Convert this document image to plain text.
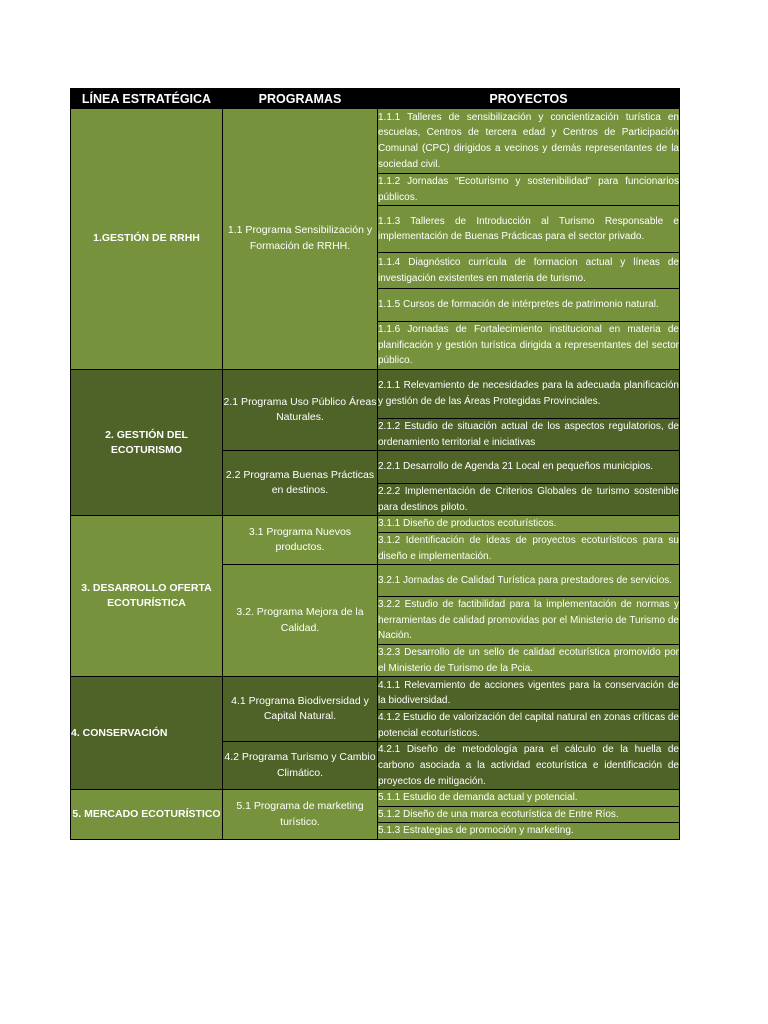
LÍNEA ESTRATÉGICA	PROGRAMAS	PROYECTOS
1.GESTIÓN DE RRHH	1.1 Programa Sensibilización y Formación de RRHH.	1.1.1 Talleres de sensibilización y concientización turística en escuelas, Centros de tercera edad y Centros de Participación Comunal (CPC) dirigidos a vecinos y demás representantes de la sociedad civil.
		1.1.2 Jornadas “Ecoturismo y sostenibilidad” para funcionarios públicos.
		1.1.3 Talleres de Introducción al Turismo Responsable e implementación de Buenas Prácticas para el sector privado.
		1.1.4 Diagnóstico currícula de formacion actual y líneas de investigación existentes en materia de turismo.
		1.1.5 Cursos de formación de intérpretes de patrimonio natural.
		1.1.6 Jornadas de Fortalecimiento institucional en materia de planificación y gestión turística dirigida a representantes del sector público.
2. GESTIÓN DEL ECOTURISMO	2.1 Programa Uso Público Áreas Naturales.	2.1.1 Relevamiento de necesidades para la adecuada planificación y gestión de de las Áreas Protegidas Provinciales.
		2.1.2 Estudio de situación actual de los aspectos regulatorios, de ordenamiento territorial e iniciativas
	2.2 Programa Buenas Prácticas en destinos.	2.2.1 Desarrollo de Agenda 21 Local en pequeños municipios.
		2.2.2 Implementación de Criterios Globales de turismo sostenible para destinos piloto.
3. DESARROLLO OFERTA ECOTURÍSTICA	3.1 Programa Nuevos productos.	3.1.1 Diseño de productos ecoturísticos.
		3.1.2 Identificación de ideas de proyectos ecoturísticos para su diseño e implementación.
	3.2. Programa Mejora de la Calidad.	3.2.1 Jornadas de Calidad Turística para prestadores de servicios.
		3.2.2 Estudio de factibilidad para la implementación de normas y herramientas de calidad promovidas por el Ministerio de Turismo de Nación.
		3.2.3 Desarrollo de un sello de calidad ecoturística promovido por el Ministerio de Turismo de la Pcia.
4. CONSERVACIÓN	4.1 Programa Biodiversidad y Capital Natural.	4.1.1 Relevamiento de acciones vigentes para la conservación de la biodiversidad.
		4.1.2 Estudio de valorización del capital natural en zonas críticas de potencial ecoturísticos.
	4.2 Programa Turismo y Cambio Climático.	4.2.1 Diseño de metodología para el cálculo de la huella de carbono asociada a la actividad ecoturística e identificación de proyectos de mitigación.
5. MERCADO ECOTURÍSTICO	5.1 Programa de marketing turístico.	5.1.1 Estudio de demanda actual y potencial.
		5.1.2 Diseño de una marca ecoturística de Entre Ríos.
		5.1.3 Estrategias de promoción y marketing.
